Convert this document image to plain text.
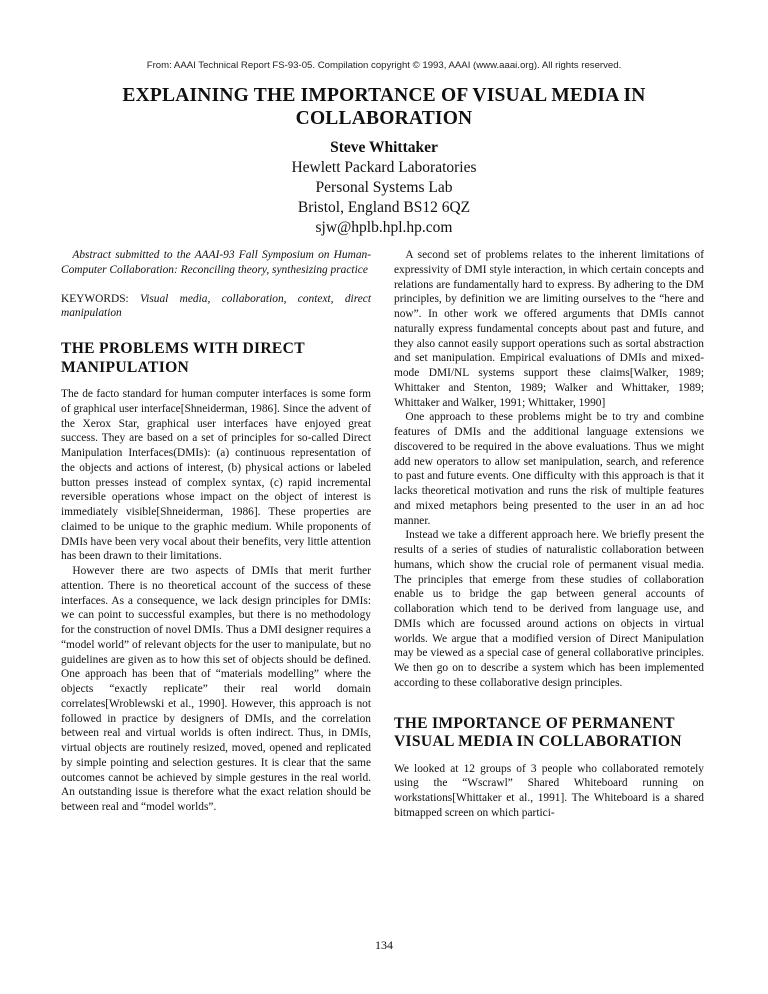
From: AAAI Technical Report FS-93-05. Compilation copyright © 1993, AAAI (www.aaai.org). All rights reserved.
EXPLAINING THE IMPORTANCE OF VISUAL MEDIA IN COLLABORATION
Steve Whittaker
Hewlett Packard Laboratories
Personal Systems Lab
Bristol, England BS12 6QZ
sjw@hplb.hpl.hp.com

Abstract submitted to the AAAI-93 Fall Symposium on Human-Computer Collaboration: Reconciling theory, synthesizing practice

KEYWORDS: Visual media, collaboration, context, direct manipulation

THE PROBLEMS WITH DIRECT MANIPULATION

The de facto standard for human computer interfaces is some form of graphical user interface[Shneiderman, 1986]. Since the advent of the Xerox Star, graphical user interfaces have enjoyed great success. They are based on a set of principles for so-called Direct Manipulation Interfaces(DMIs): (a) continuous representation of the objects and actions of interest, (b) physical actions or labeled button presses instead of complex syntax, (c) rapid incremental reversible operations whose impact on the object of interest is immediately visible[Shneiderman, 1986]. These properties are claimed to be unique to the graphic medium. While proponents of DMIs have been very vocal about their benefits, very little attention has been drawn to their limitations.

However there are two aspects of DMIs that merit further attention. There is no theoretical account of the success of these interfaces. As a consequence, we lack design principles for DMIs: we can point to successful examples, but there is no methodology for the construction of novel DMIs. Thus a DMI designer requires a “model world” of relevant objects for the user to manipulate, but no guidelines are given as to how this set of objects should be defined. One approach has been that of “materials modelling” where the objects “exactly replicate” their real world domain correlates[Wroblewski et al., 1990]. However, this approach is not followed in practice by designers of DMIs, and the correlation between real and virtual worlds is often indirect. Thus, in DMIs, virtual objects are routinely resized, moved, opened and replicated by simple pointing and selection gestures. It is clear that the same outcomes cannot be achieved by simple gestures in the real world. An outstanding issue is therefore what the exact relation should be between real and “model worlds”.

A second set of problems relates to the inherent limitations of expressivity of DMI style interaction, in which certain concepts and relations are fundamentally hard to express. By adhering to the DM principles, by definition we are limiting ourselves to the “here and now”. In other work we offered arguments that DMIs cannot naturally express fundamental concepts about past and future, and they also cannot easily support operations such as sortal abstraction and set manipulation. Empirical evaluations of DMIs and mixed-mode DMI/NL systems support these claims[Walker, 1989; Whittaker and Stenton, 1989; Walker and Whittaker, 1989; Whittaker and Walker, 1991; Whittaker, 1990]

One approach to these problems might be to try and combine features of DMIs and the additional language extensions we discovered to be required in the above evaluations. Thus we might add new operators to allow set manipulation, search, and reference to past and future events. One difficulty with this approach is that it lacks theoretical motivation and runs the risk of multiple features and mixed metaphors being presented to the user in an ad hoc manner.

Instead we take a different approach here. We briefly present the results of a series of studies of naturalistic collaboration between humans, which show the crucial role of permanent visual media. The principles that emerge from these studies of collaboration enable us to bridge the gap between general accounts of collaboration which tend to be derived from language use, and DMIs which are focussed around actions on objects in virtual worlds. We argue that a modified version of Direct Manipulation may be viewed as a special case of general collaborative principles. We then go on to describe a system which has been implemented according to these collaborative design principles.

THE IMPORTANCE OF PERMANENT VISUAL MEDIA IN COLLABORATION

We looked at 12 groups of 3 people who collaborated remotely using the “Wscrawl” Shared Whiteboard running on workstations[Whittaker et al., 1991]. The Whiteboard is a shared bitmapped screen on which partici-

134
